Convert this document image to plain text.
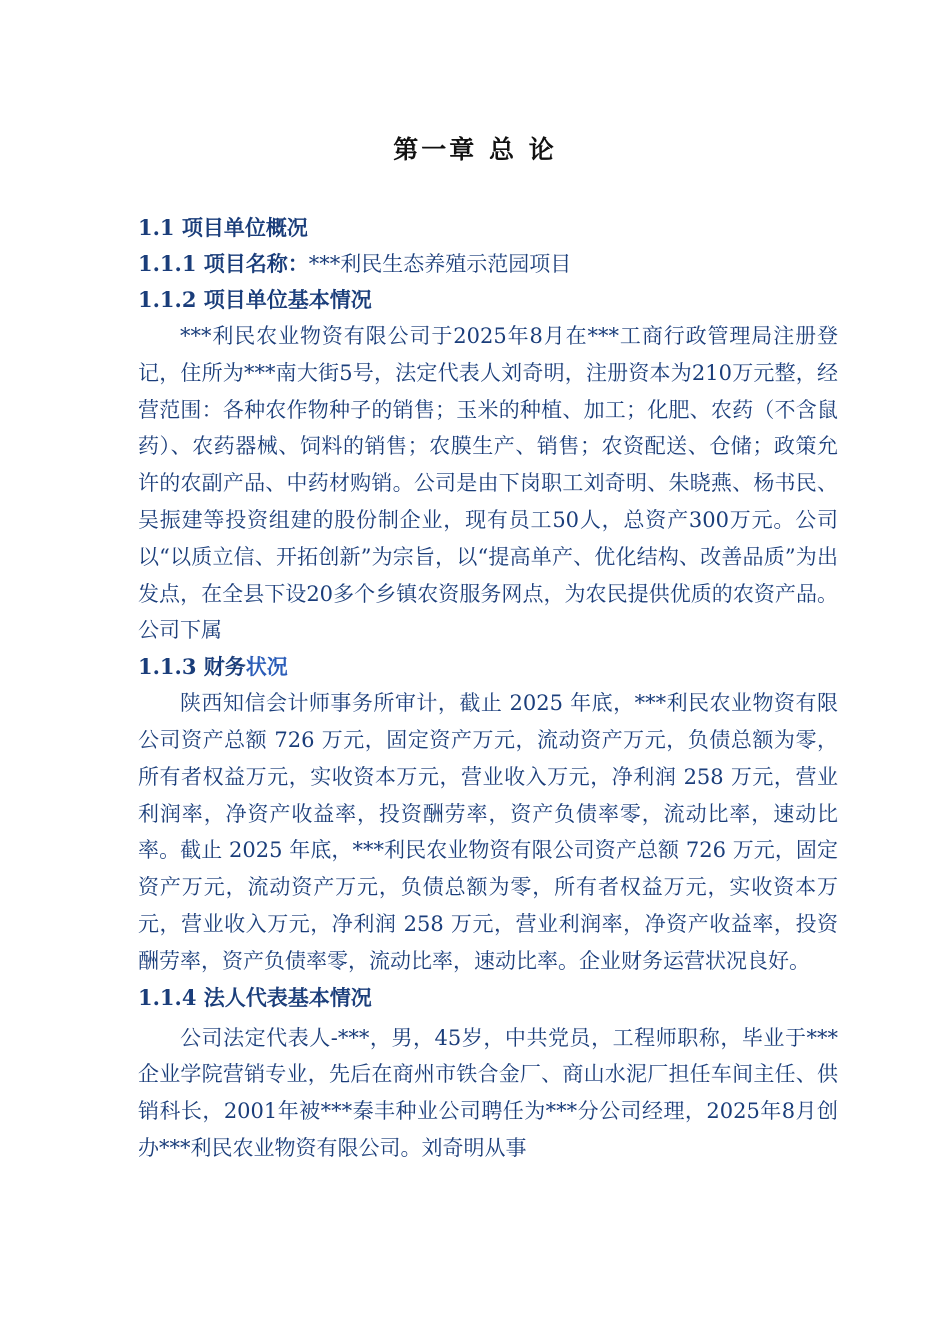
第一章 总 论
1.1 项目单位概况
1.1.1 项目名称：***利民生态养殖示范园项目
1.1.2 项目单位基本情况
***利民农业物资有限公司于2025年8月在***工商行政管理局注册登记，住所为***南大街5号，法定代表人刘奇明，注册资本为210万元整，经营范围：各种农作物种子的销售；玉米的种植、加工；化肥、农药（不含鼠药）、农药器械、饲料的销售；农膜生产、销售；农资配送、仓储；政策允许的农副产品、中药材购销。公司是由下岗职工刘奇明、朱晓燕、杨书民、吴振建等投资组建的股份制企业，现有员工50人，总资产300万元。公司以“以质立信、开拓创新”为宗旨，以“提高单产、优化结构、改善品质”为出发点，在全县下设20多个乡镇农资服务网点，为农民提供优质的农资产品。公司下属
1.1.3 财务状况
陕西知信会计师事务所审计，截止 2025 年底，***利民农业物资有限公司资产总额 726 万元，固定资产万元，流动资产万元，负债总额为零，所有者权益万元，实收资本万元，营业收入万元，净利润 258 万元，营业利润率，净资产收益率，投资酬劳率，资产负债率零，流动比率，速动比率。截止 2025 年底，***利民农业物资有限公司资产总额 726 万元，固定资产万元，流动资产万元，负债总额为零，所有者权益万元，实收资本万元，营业收入万元，净利润 258 万元，营业利润率，净资产收益率，投资酬劳率，资产负债率零，流动比率，速动比率。企业财务运营状况良好。
1.1.4 法人代表基本情况
公司法定代表人-***，男，45岁，中共党员，工程师职称，毕业于***企业学院营销专业，先后在商州市铁合金厂、商山水泥厂担任车间主任、供销科长，2001年被***秦丰种业公司聘任为***分公司经理，2025年8月创办***利民农业物资有限公司。刘奇明从事
